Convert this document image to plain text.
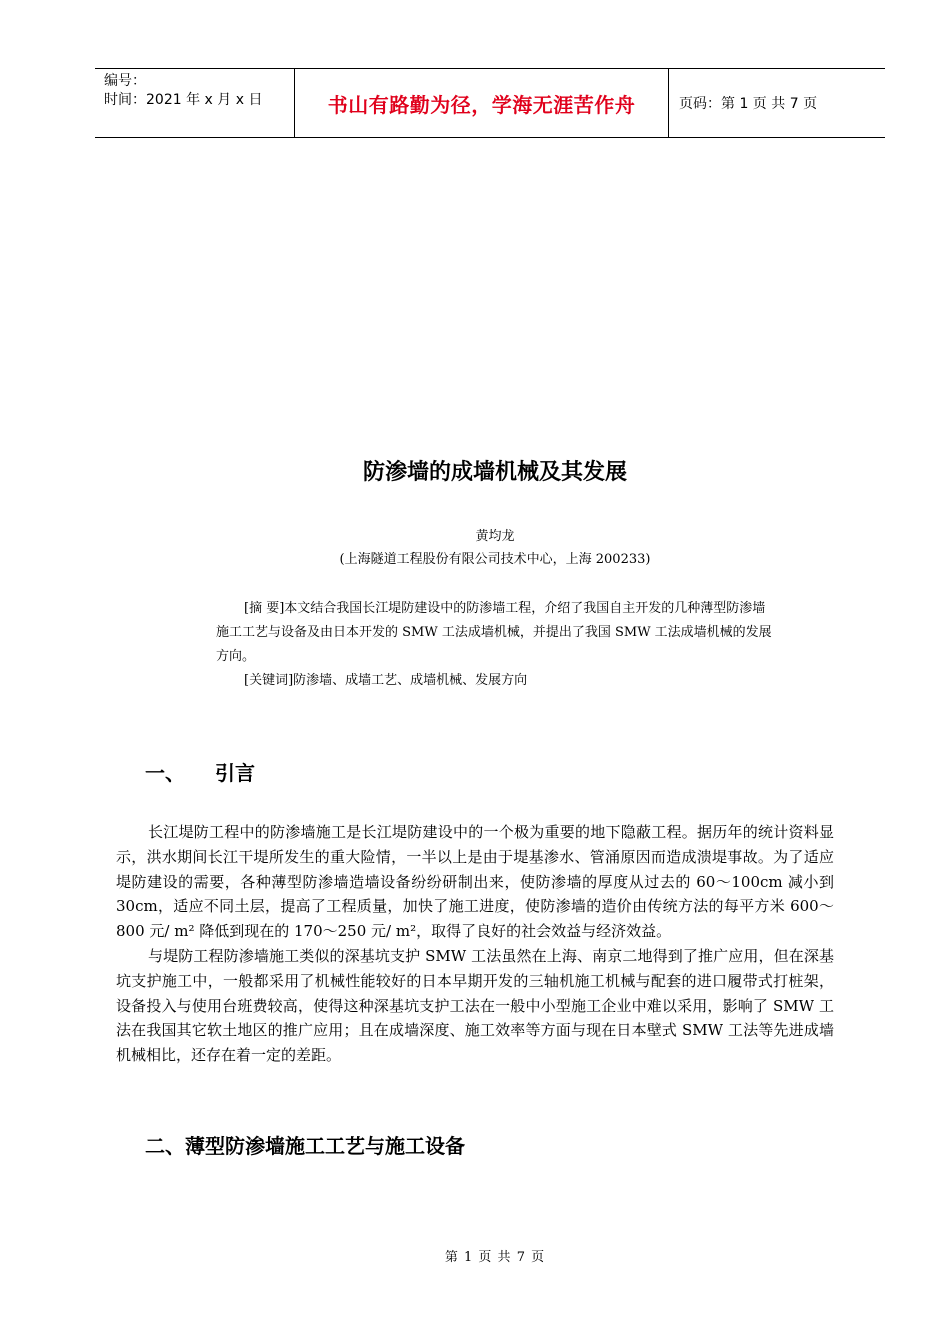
编号：
时间：2021 年 x 月 x 日	书山有路勤为径，学海无涯苦作舟	页码：第 1 页 共 7 页
防渗墙的成墙机械及其发展
黄均龙
(上海隧道工程股份有限公司技术中心，上海 200233)

[摘 要]本文结合我国长江堤防建设中的防渗墙工程，介绍了我国自主开发的几种薄型防渗墙施工工艺与设备及由日本开发的 SMW 工法成墙机械，并提出了我国 SMW 工法成墙机械的发展方向。

[关键词]防渗墙、成墙工艺、成墙机械、发展方向

一、 引言

长江堤防工程中的防渗墙施工是长江堤防建设中的一个极为重要的地下隐蔽工程。据历年的统计资料显示，洪水期间长江干堤所发生的重大险情，一半以上是由于堤基渗水、管涌原因而造成溃堤事故。为了适应堤防建设的需要，各种薄型防渗墙造墙设备纷纷研制出来，使防渗墙的厚度从过去的 60～100cm 减小到 30cm，适应不同土层，提高了工程质量，加快了施工进度，使防渗墙的造价由传统方法的每平方米 600～800 元/ m² 降低到现在的 170～250 元/ m²，取得了良好的社会效益与经济效益。

与堤防工程防渗墙施工类似的深基坑支护 SMW 工法虽然在上海、南京二地得到了推广应用，但在深基坑支护施工中，一般都采用了机械性能较好的日本早期开发的三轴机施工机械与配套的进口履带式打桩架，设备投入与使用台班费较高，使得这种深基坑支护工法在一般中小型施工企业中难以采用，影响了 SMW 工法在我国其它软土地区的推广应用；且在成墙深度、施工效率等方面与现在日本壁式 SMW 工法等先进成墙机械相比，还存在着一定的差距。

二、薄型防渗墙施工工艺与施工设备
第 1 页 共 7 页
